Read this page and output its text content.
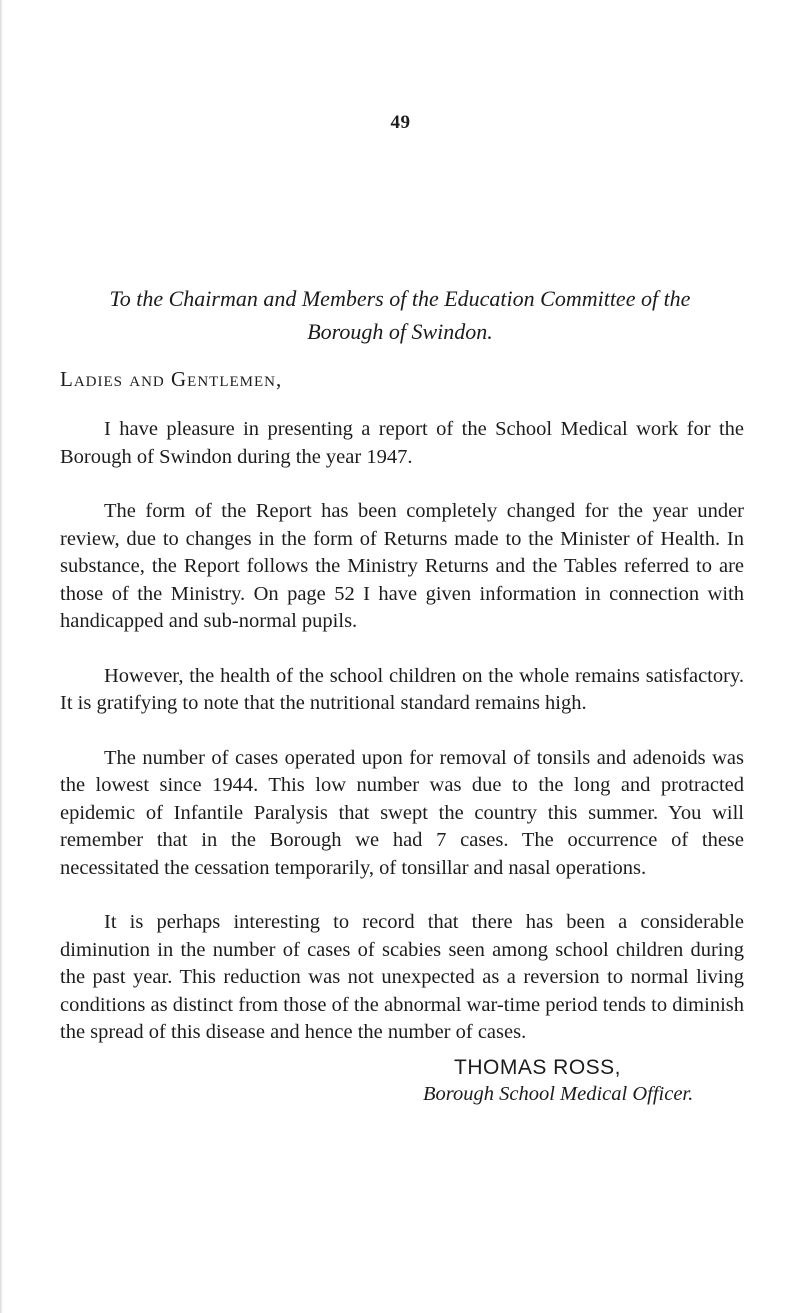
49
To the Chairman and Members of the Education Committee of the
Borough of Swindon.
Ladies and Gentlemen,

I have pleasure in presenting a report of the School Medical work for the Borough of Swindon during the year 1947.

The form of the Report has been completely changed for the year under review, due to changes in the form of Returns made to the Minister of Health. In substance, the Report follows the Ministry Returns and the Tables referred to are those of the Ministry. On page 52 I have given information in connection with handicapped and sub-normal pupils.

However, the health of the school children on the whole remains satisfactory. It is gratifying to note that the nutritional standard remains high.

The number of cases operated upon for removal of tonsils and adenoids was the lowest since 1944. This low number was due to the long and protracted epidemic of Infantile Paralysis that swept the country this summer. You will remember that in the Borough we had 7 cases. The occurrence of these necessitated the cessation temporarily, of tonsillar and nasal operations.

It is perhaps interesting to record that there has been a considerable diminution in the number of cases of scabies seen among school children during the past year. This reduction was not unexpected as a reversion to normal living conditions as distinct from those of the abnormal war-time period tends to diminish the spread of this disease and hence the number of cases.

THOMAS ROSS,
Borough School Medical Officer.
